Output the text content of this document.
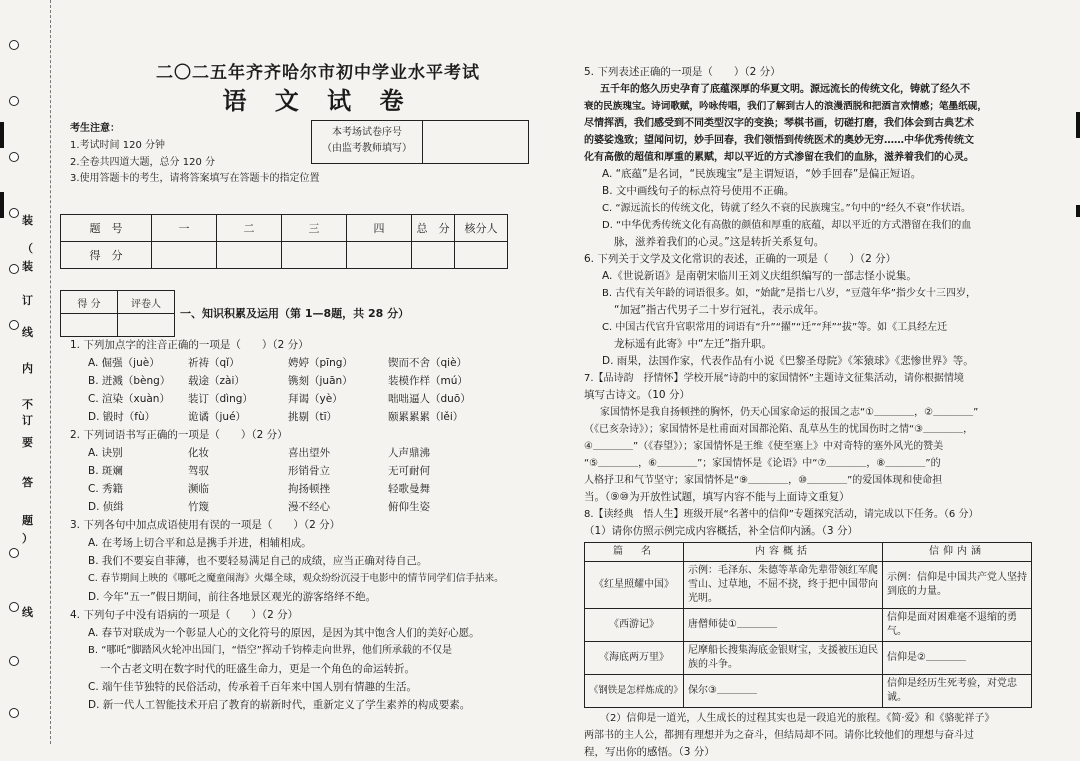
装
（
装
订
线
内
不
订
要
答
题
）
线
二〇二五年齐齐哈尔市初中学业水平考试
语 文 试 卷
考生注意：
1.考试时间 120 分钟
2.全卷共四道大题，总分 120 分
本考场试卷序号
（由监考教师填写）
3.使用答题卡的考生，请将答案填写在答题卡的指定位置
题　号	一	二	三	四	总　分	核分人
得　分						
得 分	评卷人

一、知识积累及运用（第 1—8题，共 28 分）
1. 下列加点字的注音正确的一项是（　　）（2 分）
A. 倔强（juè）	祈祷（qǐ）	娉婷（pīng）	锲而不舍（qiè）
B. 迸溅（bèng）	载途（zài）	镌刻（juān）	装模作样（mú）
C. 渲染（xuàn）	装订（dìng）	拜谒（yè）	咄咄逼人（duō）
D. 锻时（fù）	诡谲（jué）	挑剔（tī）	颐累累累（lěi）
2. 下列词语书写正确的一项是（　　）（2 分）
A. 诀别	化妆	喜出望外	人声鼎沸
B. 斑斓	驾驭	形销骨立	无可耐何
C. 秀籍	濒临	拘扬顿挫	轻歌曼舞
D. 侦缉	竹篾	漫不经心	俯仰生姿
3. 下列各句中加点成语使用有误的一项是（　　）（2 分）
A. 在考场上切合平和总是携手并进，相辅相成。
B. 我们不要妄自菲薄，也不要轻易满足自己的成绩，应当正确对待自己。
C. 春节期间上映的《哪吒之魔童闹海》火爆全球，观众纷纷沉浸于电影中的情节同学们信手拈来。
D. 今年“五一”假日期间，前往各地景区观光的游客络绎不绝。
4. 下列句子中没有语病的一项是（　　）（2 分）
A. 春节对联成为一个彰显人心的文化符号的原因，是因为其中饱含人们的美好心愿。
B. “哪吒”脚踏风火轮冲出国门，“悟空”挥动千钧棒走向世界，他们所承载的不仅是
一个古老文明在数字时代的旺盛生命力，更是一个角色的命运转折。
C. 端午佳节独特的民俗活动，传承着千百年来中国人别有情趣的生活。
D. 新一代人工智能技术开启了教育的崭新时代，重新定义了学生素养的构成要素。
5. 下列表述正确的一项是（　　）（2 分）
五千年的悠久历史孕育了底蕴深厚的华夏文明。源远流长的传统文化，铸就了经久不
衰的民族瑰宝。诗词歌赋，吟咏传唱，我们了解到古人的浪漫洒脱和把酒言欢情感；笔墨纸砚，
尽情挥洒，我们感受到不同类型汉字的变换；琴棋书画，切磋打磨，我们体会到古典艺术
的婆娑逸致；望闻问切，妙手回春，我们领悟到传统医术的奥妙无穷……中华优秀传统文
化有高傲的超值和厚重的累赋，却以平近的方式渗留在我们的血脉，滋养着我们的心灵。
A. “底蕴”是名词，“民族瑰宝”是主谓短语，“妙手回春”是偏正短语。
B. 文中画线句子的标点符号使用不正确。
C. “源远流长的传统文化，铸就了经久不衰的民族瑰宝。”句中的“经久不衰”作状语。
D. “中华优秀传统文化有高傲的颜值和厚重的底蕴，却以平近的方式潜留在我们的血
脉，滋养着我们的心灵。”这是转折关系复句。
6. 下列关于文学及文化常识的表述，正确的一项是（　　）（2 分）
A.《世说新语》是南朝宋临川王刘义庆组织编写的一部志怪小说集。
B. 古代有关年龄的词语很多。如，“始龀”是指七八岁，“豆蔻年华”指少女十三四岁，
“加冠”指古代男子二十岁行冠礼，表示成年。
C. 中国古代官升官职常用的词语有“升”“擢”“迁”“拜”“拔”等。如《工具经左迁
龙标遥有此寄》中“左迁”指升职。
D. 雨果，法国作家，代表作品有小说《巴黎圣母院》《笨猿球》《悲惨世界》等。
7.【品诗韵　抒情怀】学校开展“诗韵中的家国情怀”主题诗文征集活动，请你根据情境
填写古诗文。（10 分）
家国情怀是我自扬顿挫的胸怀，仍天心国家命运的报国之志“①＿＿＿＿，②＿＿＿＿”
（《已亥杂诗》）；家国情怀是杜甫面对国都沦陷、乱草丛生的忧国伤时之情“③＿＿＿＿，
④＿＿＿＿”（《春望》）；家国情怀是王维《使至塞上》中对奇特的塞外风光的赞美
“⑤＿＿＿＿，⑥＿＿＿＿”；家国情怀是《论语》中“⑦＿＿＿＿，⑧＿＿＿＿”的
人格抒卫和气节坚守；家国情怀是“⑨＿＿＿＿，⑩＿＿＿＿”的爱国体现和使命担
当。（⑨⑩为开放性试题，填写内容不能与上面诗文重复）
8.【读经典　悟人生】班级开展“名著中的信仰”专题探究活动，请完成以下任务。（6 分）
（1）请你仿照示例完成内容概括，补全信仰内涵。（3 分）
篇　名	内容概括	信仰内涵
《红星照耀中国》	示例：毛泽东、朱德等革命先辈带领红军爬雪山、过草地，不屈不挠，终于把中国带向光明。	示例：信仰是中国共产党人坚持到底的力量。
《西游记》	唐僧师徒①＿＿＿＿	信仰是面对困难毫不退缩的勇气。
《海底两万里》	尼摩船长搜集海底金银财宝，支援被压迫民族的斗争。	信仰是②＿＿＿＿
《钢铁是怎样炼成的》	保尔③＿＿＿＿	信仰是经历生死考验，对党忠诚。
（2）信仰是一道光，人生成长的过程其实也是一段追光的旅程。《简·爱》和《骆驼祥子》
两部书的主人公，都拥有理想并为之奋斗，但结局却不同。请你比较他们的理想与奋斗过
程，写出你的感悟。（3 分）
